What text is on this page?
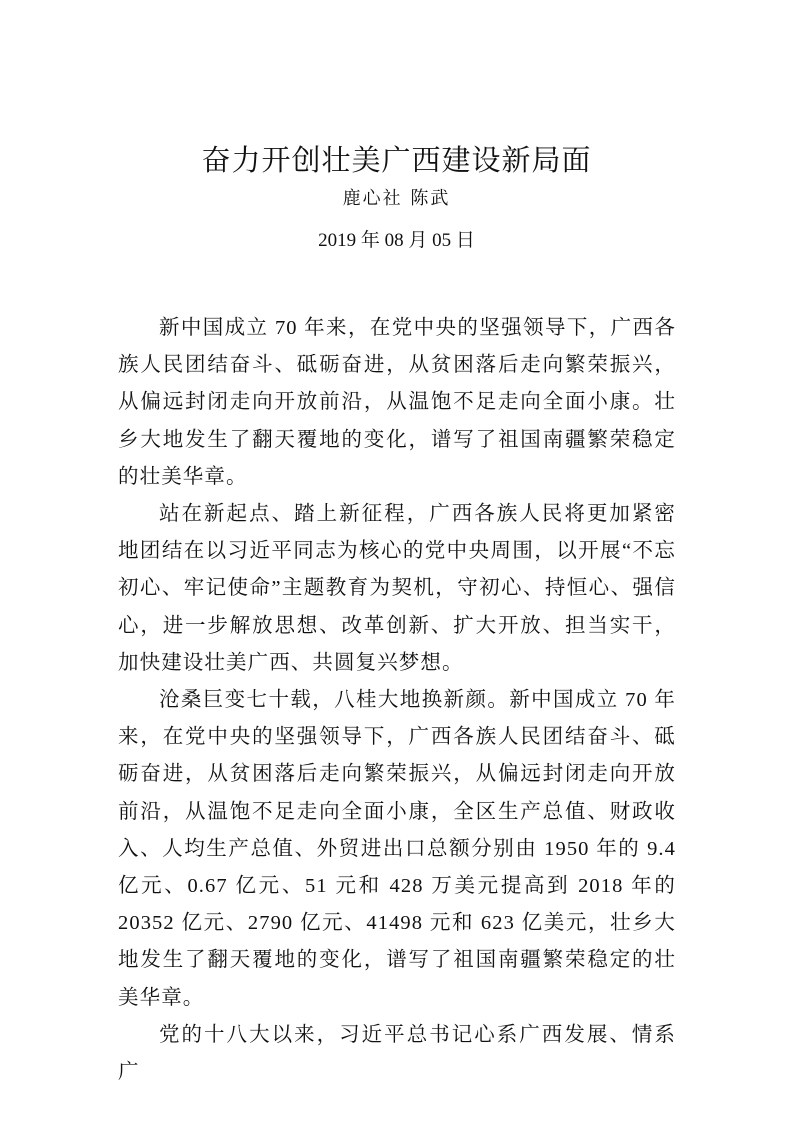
奋力开创壮美广西建设新局面
鹿心社 陈武
2019 年 08 月 05 日

新中国成立 70 年来，在党中央的坚强领导下，广西各族人民团结奋斗、砥砺奋进，从贫困落后走向繁荣振兴，从偏远封闭走向开放前沿，从温饱不足走向全面小康。壮乡大地发生了翻天覆地的变化，谱写了祖国南疆繁荣稳定的壮美华章。

站在新起点、踏上新征程，广西各族人民将更加紧密地团结在以习近平同志为核心的党中央周围，以开展“不忘初心、牢记使命”主题教育为契机，守初心、持恒心、强信心，进一步解放思想、改革创新、扩大开放、担当实干，加快建设壮美广西、共圆复兴梦想。

沧桑巨变七十载，八桂大地换新颜。新中国成立 70 年来，在党中央的坚强领导下，广西各族人民团结奋斗、砥砺奋进，从贫困落后走向繁荣振兴，从偏远封闭走向开放前沿，从温饱不足走向全面小康，全区生产总值、财政收入、人均生产总值、外贸进出口总额分别由 1950 年的 9.4 亿元、0.67 亿元、51 元和 428 万美元提高到 2018 年的 20352 亿元、2790 亿元、41498 元和 623 亿美元，壮乡大地发生了翻天覆地的变化，谱写了祖国南疆繁荣稳定的壮美华章。

党的十八大以来，习近平总书记心系广西发展、情系广
